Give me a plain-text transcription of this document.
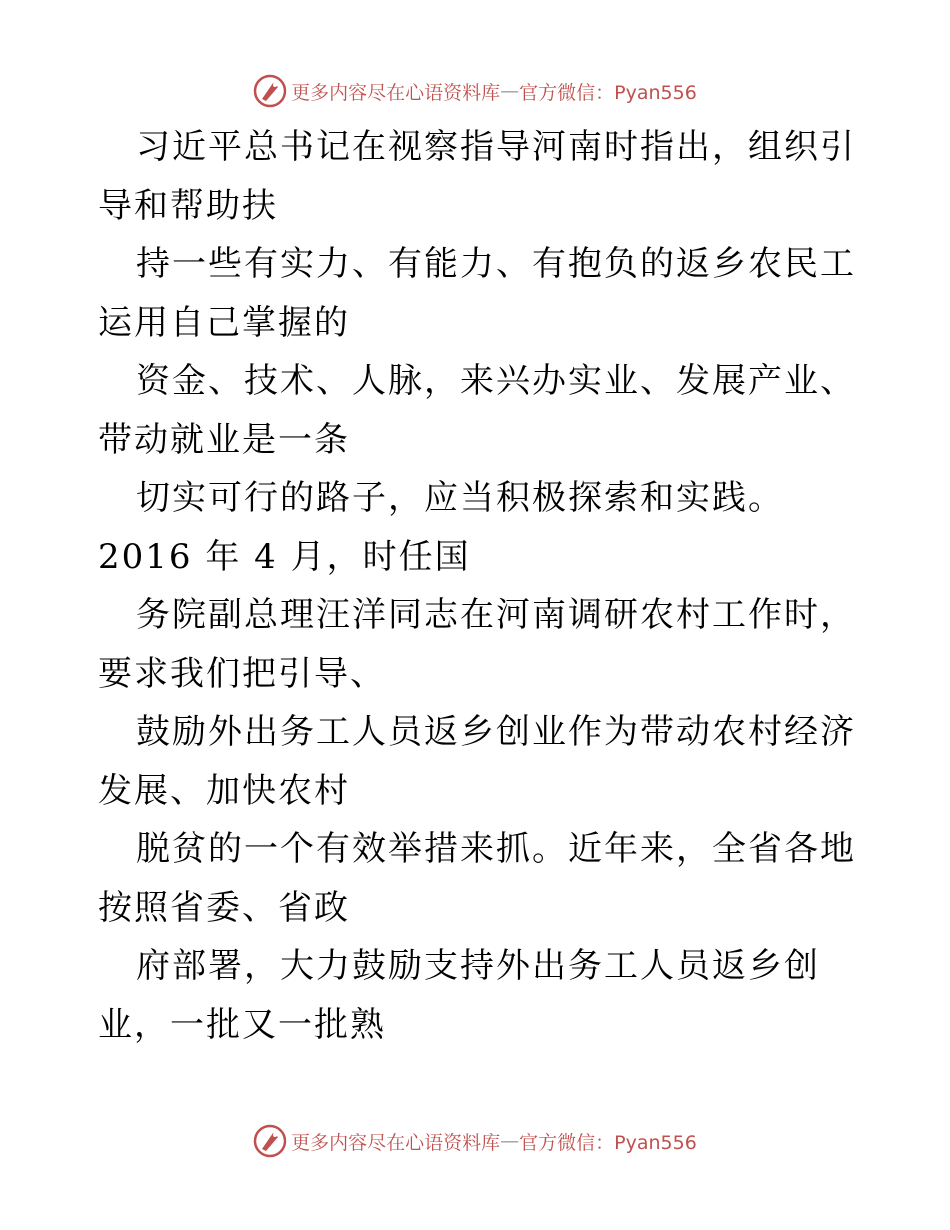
更多内容尽在心语资料库 — 官方微信：Pyan556

习近平总书记在视察指导河南时指出，组织引导和帮助扶

持一些有实力、有能力、有抱负的返乡农民工运用自己掌握的

资金、技术、人脉，来兴办实业、发展产业、带动就业是一条

切实可行的路子，应当积极探索和实践。2016 年 4 月，时任国

务院副总理汪洋同志在河南调研农村工作时，要求我们把引导、

鼓励外出务工人员返乡创业作为带动农村经济发展、加快农村

脱贫的一个有效举措来抓。近年来，全省各地按照省委、省政

府部署，大力鼓励支持外出务工人员返乡创业，一批又一批熟

更多内容尽在心语资料库 — 官方微信：Pyan556
